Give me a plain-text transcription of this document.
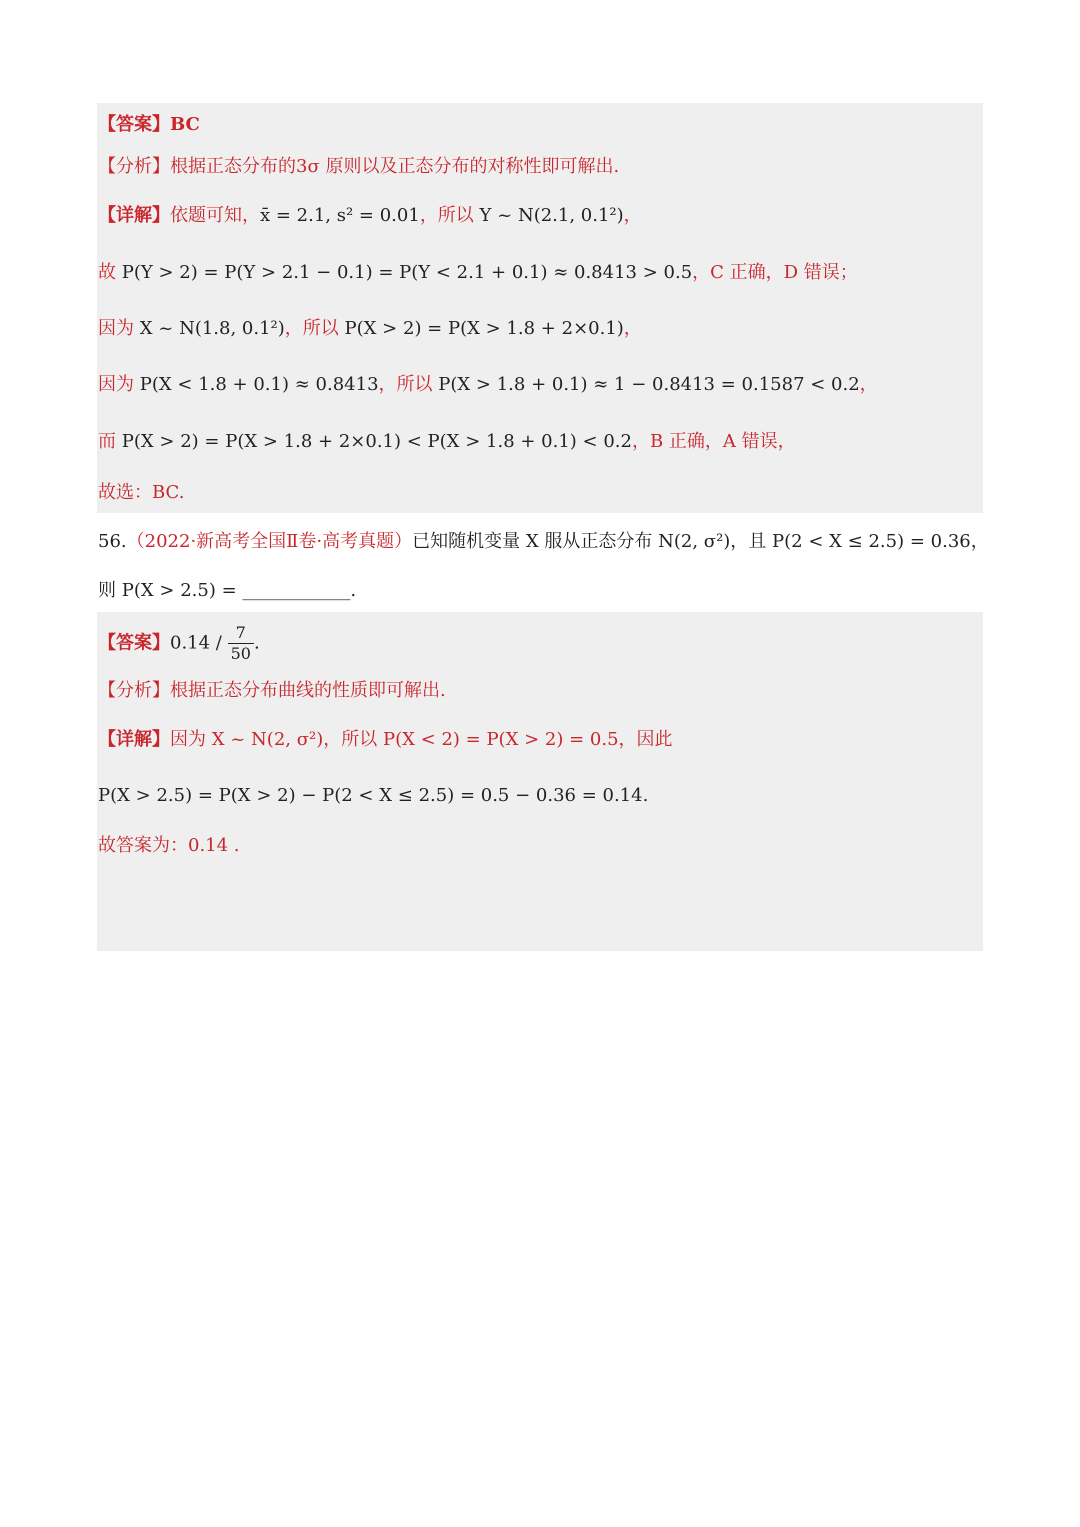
【答案】BC
【分析】根据正态分布的3σ 原则以及正态分布的对称性即可解出.
【详解】依题可知，x̄ = 2.1, s² = 0.01，所以 Y ~ N(2.1, 0.1²)，
故 P(Y > 2) = P(Y > 2.1 − 0.1) = P(Y < 2.1 + 0.1) ≈ 0.8413 > 0.5，C 正确，D 错误；
因为 X ~ N(1.8, 0.1²)，所以 P(X > 2) = P(X > 1.8 + 2×0.1)，
因为 P(X < 1.8 + 0.1) ≈ 0.8413，所以 P(X > 1.8 + 0.1) ≈ 1 − 0.8413 = 0.1587 < 0.2，
而 P(X > 2) = P(X > 1.8 + 2×0.1) < P(X > 1.8 + 0.1) < 0.2，B 正确，A 错误，
故选：BC.
56.（2022·新高考全国Ⅱ卷·高考真题）已知随机变量 X 服从正态分布 N(2, σ²)，且 P(2 < X ≤ 2.5) = 0.36，
则 P(X > 2.5) = ____________.
【答案】$0.14 / \frac{7}{50}$ .
【分析】根据正态分布曲线的性质即可解出.
【详解】因为 X ~ N(2, σ²)，所以 P(X < 2) = P(X > 2) = 0.5，因此
P(X > 2.5) = P(X > 2) − P(2 < X ≤ 2.5) = 0.5 − 0.36 = 0.14.
故答案为：0.14 .
